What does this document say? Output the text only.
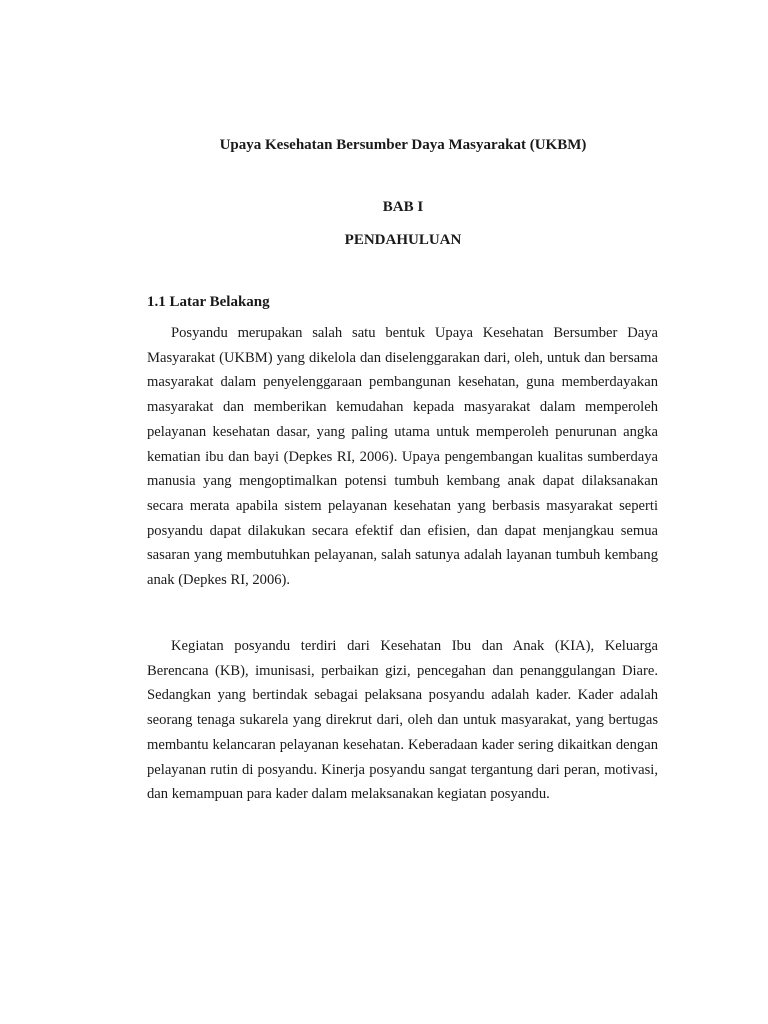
Upaya Kesehatan Bersumber Daya Masyarakat (UKBM)
BAB I
PENDAHULUAN
1.1 Latar Belakang

Posyandu merupakan salah satu bentuk Upaya Kesehatan Bersumber Daya Masyarakat (UKBM) yang dikelola dan diselenggarakan dari, oleh, untuk dan bersama masyarakat dalam penyelenggaraan pembangunan kesehatan, guna memberdayakan masyarakat dan memberikan kemudahan kepada masyarakat dalam memperoleh pelayanan kesehatan dasar, yang paling utama untuk memperoleh penurunan angka kematian ibu dan bayi (Depkes RI, 2006). Upaya pengembangan kualitas sumberdaya manusia yang mengoptimalkan potensi tumbuh kembang anak dapat dilaksanakan secara merata apabila sistem pelayanan kesehatan yang berbasis masyarakat seperti posyandu dapat dilakukan secara efektif dan efisien, dan dapat menjangkau semua sasaran yang membutuhkan pelayanan, salah satunya adalah layanan tumbuh kembang anak (Depkes RI, 2006).

Kegiatan posyandu terdiri dari Kesehatan Ibu dan Anak (KIA), Keluarga Berencana (KB), imunisasi, perbaikan gizi, pencegahan dan penanggulangan Diare. Sedangkan yang bertindak sebagai pelaksana posyandu adalah kader. Kader adalah seorang tenaga sukarela yang direkrut dari, oleh dan untuk masyarakat, yang bertugas membantu kelancaran pelayanan kesehatan. Keberadaan kader sering dikaitkan dengan pelayanan rutin di posyandu. Kinerja posyandu sangat tergantung dari peran, motivasi, dan kemampuan para kader dalam melaksanakan kegiatan posyandu.
